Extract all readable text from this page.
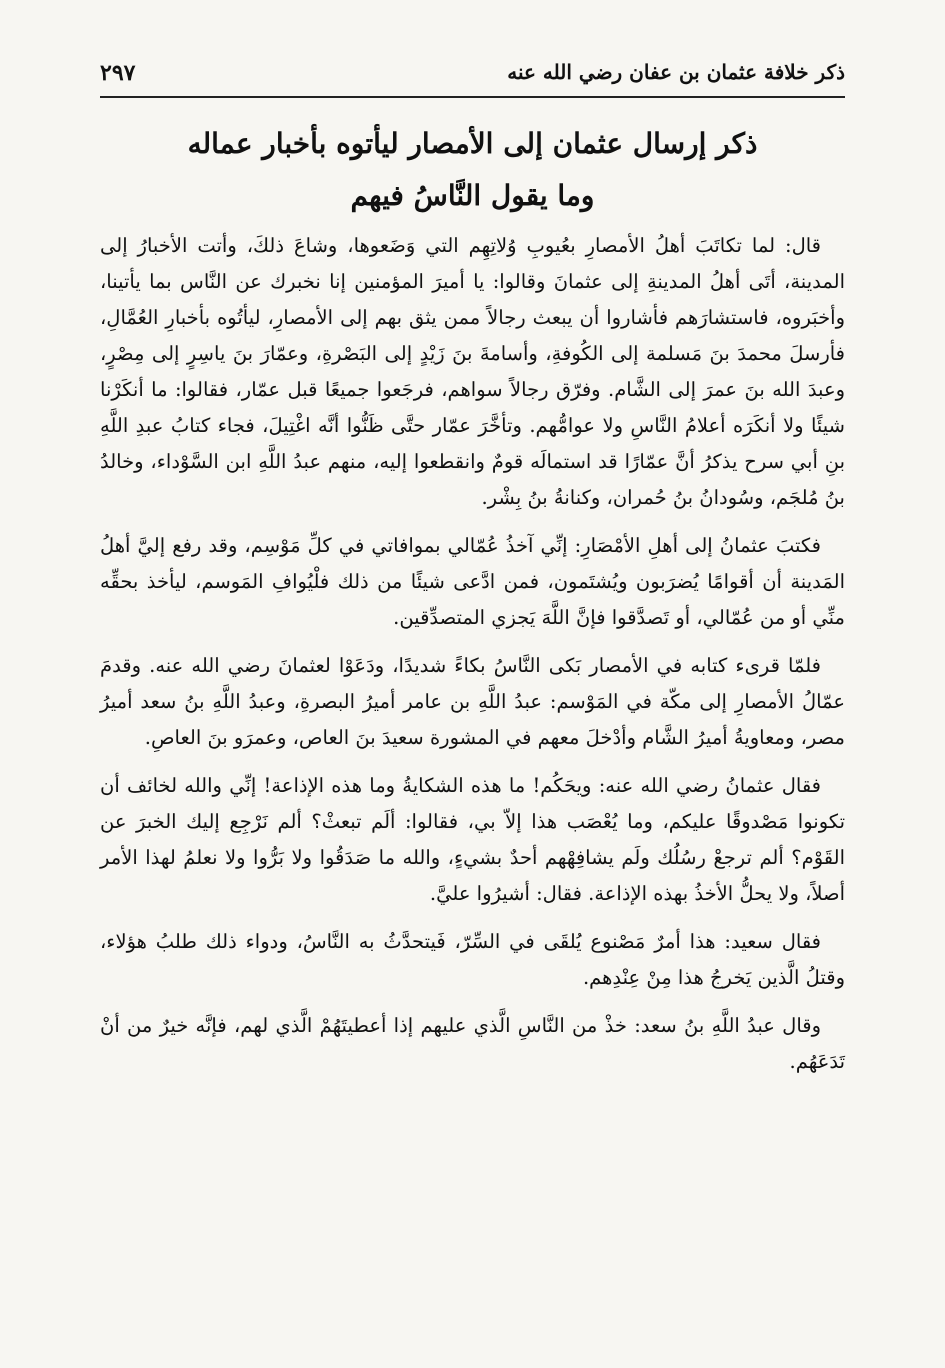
ذكر خلافة عثمان بن عفان رضي الله عنه
٢٩٧
ذكر إرسال عثمان إلى الأمصار ليأتوه بأخبار عماله
وما يقول النَّاسُ فيهم

قال: لما تكاتَبَ أهلُ الأمصارِ بعُيوبِ وُلاتِهِم التي وَضَعوها، وشاعَ ذلكَ، وأتت الأخبارُ إلى المدينة، أتَى أهلُ المدينةِ إلى عثمانَ وقالوا: يا أميرَ المؤمنين إنا نخبرك عن النَّاس بما يأتينا، وأخبَروه، فاستشارَهم فأشاروا أن يبعث رجالاً ممن يثق بهم إلى الأمصارِ، ليأتُوه بأخبارِ العُمَّالِ، فأرسلَ محمدَ بنَ مَسلمة إلى الكُوفةِ، وأسامةَ بنَ زَيْدٍ إلى البَصْرةِ، وعمّارَ بنَ ياسِرٍ إلى مِصْرٍ، وعبدَ الله بنَ عمرَ إلى الشَّام. وفرّق رجالاً سواهم، فرجَعوا جميعًا قبل عمّار، فقالوا: ما أنكَرْنا شيئًا ولا أنكَرَه أعلامُ النَّاسِ ولا عوامُّهم. وتأخَّرَ عمّار حتَّى ظَنُّوا أنَّه اغْتِيلَ، فجاء كتابُ عبدِ اللَّهِ بنِ أبي سرح يذكرُ أنَّ عمّارًا قد استمالَه قومٌ وانقطعوا إليه، منهم عبدُ اللَّهِ ابن السَّوْداء، وخالدُ بنُ مُلجَم، وسُودانُ بنُ حُمران، وكنانةُ بنُ بِشْر.

فكتبَ عثمانُ إلى أهلِ الأمْصَارِ: إنِّي آخذُ عُمّالي بموافاتي في كلِّ مَوْسِم، وقد رفع إليَّ أهلُ المَدينة أن أقوامًا يُضرَبون ويُشتَمون، فمن ادَّعى شيئًا من ذلك فلْيُوافِ المَوسم، ليأخذ بحقِّه منِّي أو من عُمّالي، أو تَصدَّقوا فإنَّ اللَّهَ يَجزي المتصدِّقين.

فلمّا قرىء كتابه في الأمصار بَكى النَّاسُ بكاءً شديدًا، ودَعَوْا لعثمانَ رضي الله عنه. وقدمَ عمّالُ الأمصارِ إلى مكّة في المَوْسم: عبدُ اللَّهِ بن عامر أميرُ البصرةِ، وعبدُ اللَّهِ بنُ سعد أميرُ مصر، ومعاويةُ أميرُ الشَّام وأدْخلَ معهم في المشورة سعيدَ بنَ العاص، وعمرَو بنَ العاصِ.

فقال عثمانُ رضي الله عنه: ويحَكُم! ما هذه الشكايةُ وما هذه الإذاعة! إنِّي والله لخائف أن تكونوا مَصْدوقًا عليكم، وما يُعْصَب هذا إلاّ بي، فقالوا: ألَم تبعثْ؟ ألم نَرْجِع إليك الخبرَ عن القَوْم؟ ألم ترجعْ رسُلُك ولَم يشافِهْهم أحدٌ بشيءٍ، والله ما صَدَقُوا ولا بَرُّوا ولا نعلمُ لهذا الأمر أصلاً، ولا يحلُّ الأخذُ بهذه الإذاعة. فقال: أشيرُوا عليَّ.

فقال سعيد: هذا أمرٌ مَصْنوع يُلقَى في السِّرّ، فَيتحدَّثُ به النَّاسُ، ودواء ذلك طلبُ هؤلاء، وقتلُ الَّذين يَخرجُ هذا مِنْ عِنْدِهم.

وقال عبدُ اللَّهِ بنُ سعد: خذْ من النَّاسِ الَّذي عليهم إذا أعطيتَهُمْ الَّذي لهم، فإنَّه خيرٌ من أنْ تَدَعَهُم.
